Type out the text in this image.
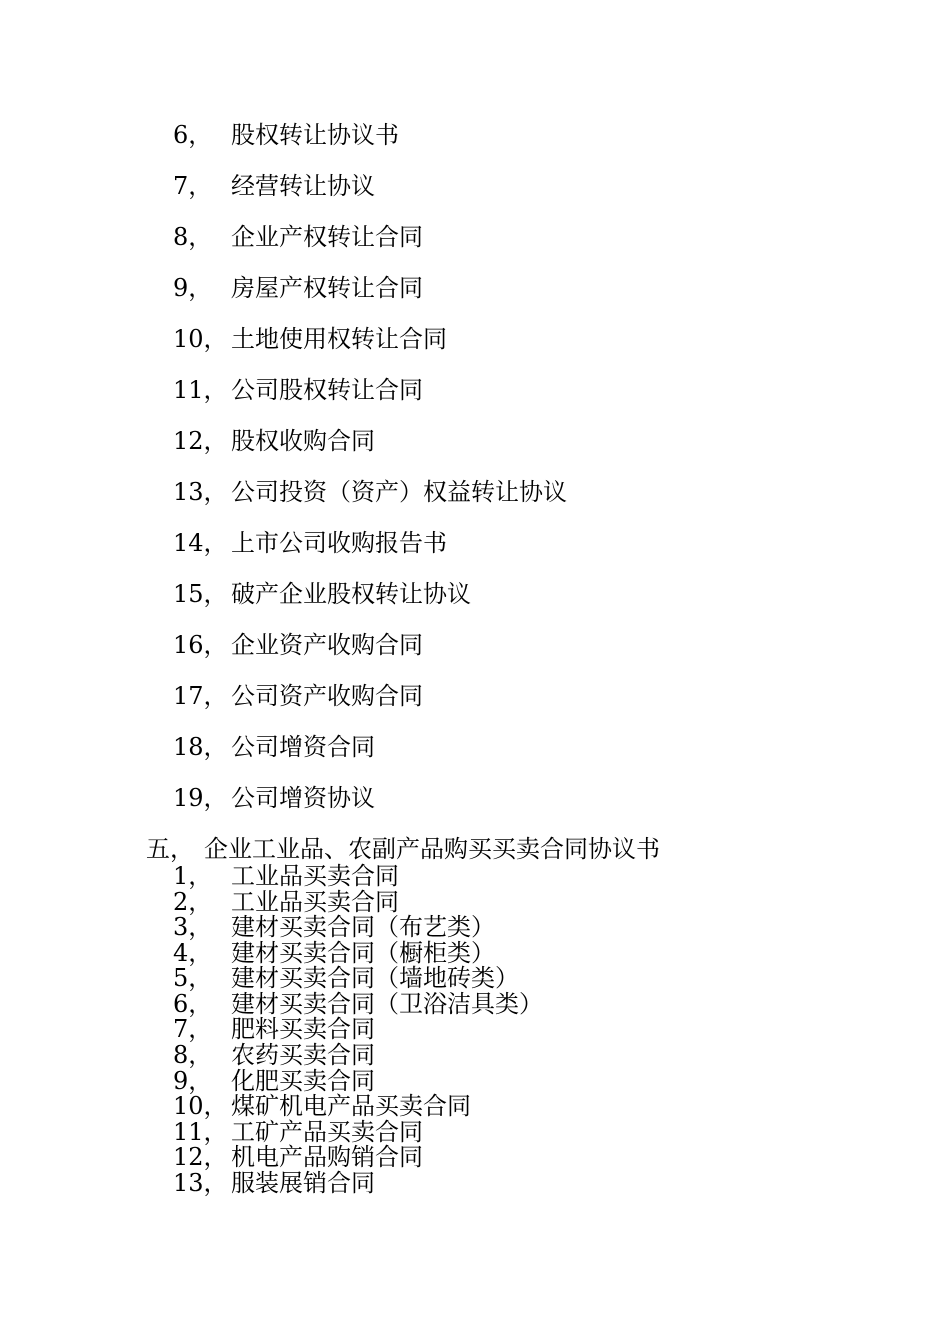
6， 股权转让协议书
7， 经营转让协议
8， 企业产权转让合同
9， 房屋产权转让合同
10， 土地使用权转让合同
11， 公司股权转让合同
12， 股权收购合同
13， 公司投资（资产）权益转让协议
14， 上市公司收购报告书
15， 破产企业股权转让协议
16， 企业资产收购合同
17， 公司资产收购合同
18， 公司增资合同
19， 公司增资协议
五， 企业工业品、农副产品购买买卖合同协议书
1， 工业品买卖合同
2， 工业品买卖合同
3， 建材买卖合同（布艺类）
4， 建材买卖合同（橱柜类）
5， 建材买卖合同（墙地砖类）
6， 建材买卖合同（卫浴洁具类）
7， 肥料买卖合同
8， 农药买卖合同
9， 化肥买卖合同
10， 煤矿机电产品买卖合同
11， 工矿产品买卖合同
12， 机电产品购销合同
13， 服装展销合同
